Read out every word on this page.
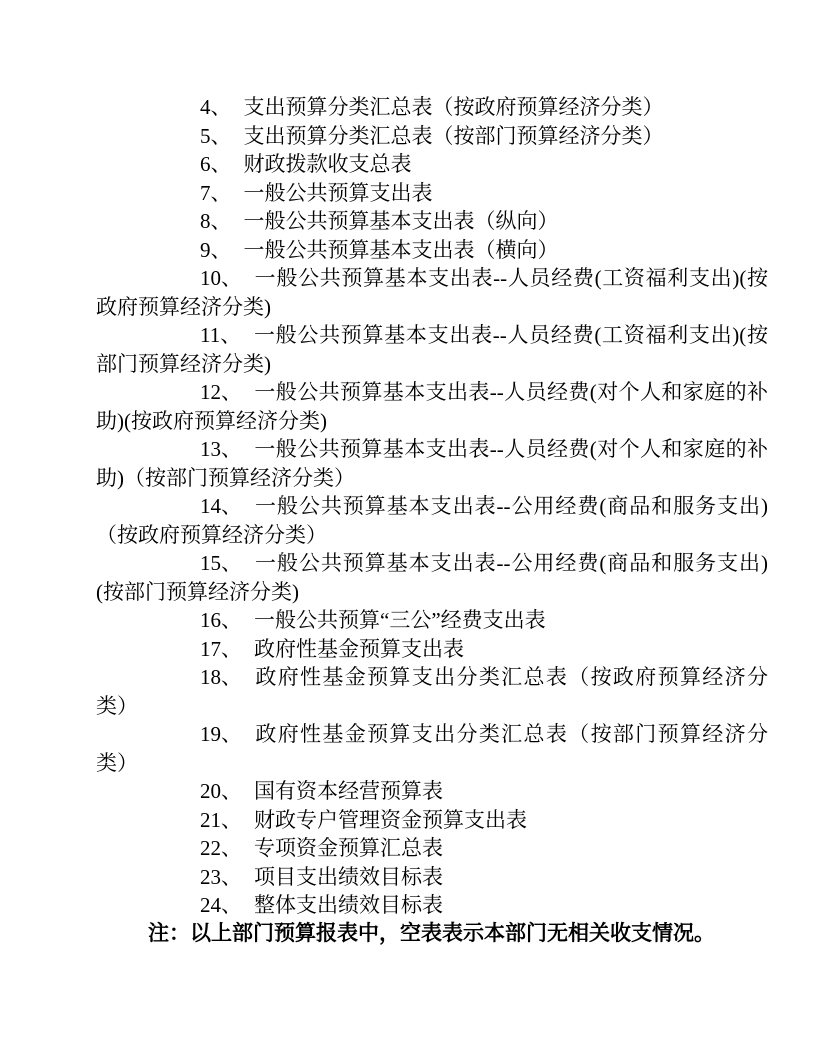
4、 支出预算分类汇总表（按政府预算经济分类）

5、 支出预算分类汇总表（按部门预算经济分类）

6、 财政拨款收支总表

7、 一般公共预算支出表

8、 一般公共预算基本支出表（纵向）

9、 一般公共预算基本支出表（横向）

10、 一般公共预算基本支出表--人员经费(工资福利支出)(按政府预算经济分类)

11、 一般公共预算基本支出表--人员经费(工资福利支出)(按部门预算经济分类)

12、 一般公共预算基本支出表--人员经费(对个人和家庭的补助)(按政府预算经济分类)

13、 一般公共预算基本支出表--人员经费(对个人和家庭的补助)（按部门预算经济分类）

14、 一般公共预算基本支出表--公用经费(商品和服务支出)（按政府预算经济分类）

15、 一般公共预算基本支出表--公用经费(商品和服务支出)(按部门预算经济分类)

16、 一般公共预算“三公”经费支出表

17、 政府性基金预算支出表

18、 政府性基金预算支出分类汇总表（按政府预算经济分类）

19、 政府性基金预算支出分类汇总表（按部门预算经济分类）

20、 国有资本经营预算表

21、 财政专户管理资金预算支出表

22、 专项资金预算汇总表

23、 项目支出绩效目标表

24、 整体支出绩效目标表

注：以上部门预算报表中，空表表示本部门无相关收支情况。
